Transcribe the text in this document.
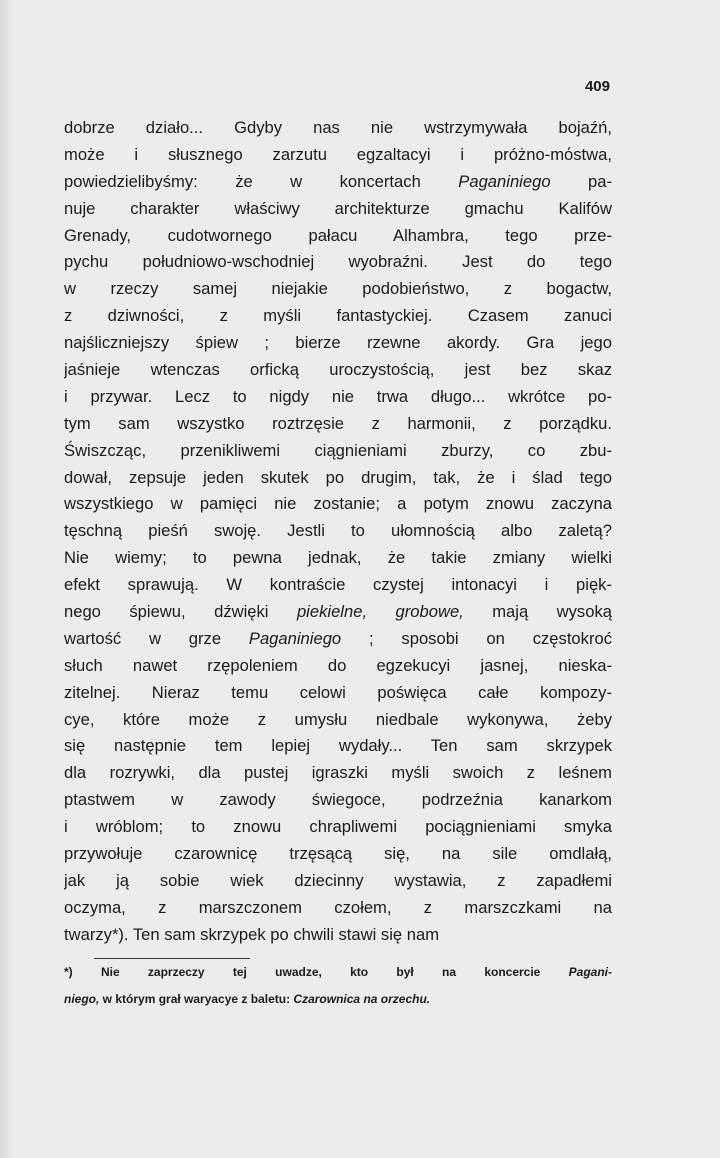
409
dobrze działo... Gdyby nas nie wstrzymywała bojaźń,
może i słusznego zarzutu egzaltacyi i próżno-mόstwa,
powiedzielibyśmy: że w koncertach Paganiniego pa-
nuje charakter właściwy architekturze gmachu Kalifów
Grenady, cudotwornego pałacu Alhambra, tego prze-
pychu południowo-wschodniej wyobraźni. Jest do tego
w rzeczy samej niejakie podobieństwo, z bogactw,
z dziwności, z myśli fantastyckiej. Czasem zanuci
najśliczniejszy śpiew ; bierze rzewne akordy. Gra jego
jaśnieje wtenczas orficką uroczystością, jest bez skaz
i przywar. Lecz to nigdy nie trwa długo... wkrótce po-
tym sam wszystko roztrzęsie z harmonii, z porządku.
Świszcząc, przenikliwemi ciągnieniami zburzy, co zbu-
dował, zepsuje jeden skutek po drugim, tak, że i ślad tego
wszystkiego w pamięci nie zostanie; a potym znowu zaczyna
tęschną pieśń swoję. Jestli to ułomnością albo zaletą?
Nie wiemy; to pewna jednak, że takie zmiany wielki
efekt sprawują. W kontraście czystej intonacyi i pięk-
nego śpiewu, dźwięki piekielne, grobowe, mają wysoką
wartość w grze Paganiniego ; sposobi on częstokroć
słuch nawet rzępoleniem do egzekucyi jasnej, nieska-
zitelnej. Nieraz temu celowi poświęca całe kompozy-
cye, które może z umysłu niedbale wykonywa, żeby
się następnie tem lepiej wydały... Ten sam skrzypek
dla rozrywki, dla pustej igraszki myśli swoich z leśnem
ptastwem w zawody świegoce, podrzeźnia kanarkom
i wróblom; to znowu chrapliwemi pociągnieniami smyka
przywołuje czarownicę trzęsącą się, na sile omdlałą,
jak ją sobie wiek dziecinny wystawia, z zapadłemi
oczyma, z marszczonem czołem, z marszczkami na
twarzy*). Ten sam skrzypek po chwili stawi się nam
*) Nie zaprzeczy tej uwadze, kto był na koncercie Pagani-
niego, w którym grał waryacye z baletu: Czarownica na orzechu.
